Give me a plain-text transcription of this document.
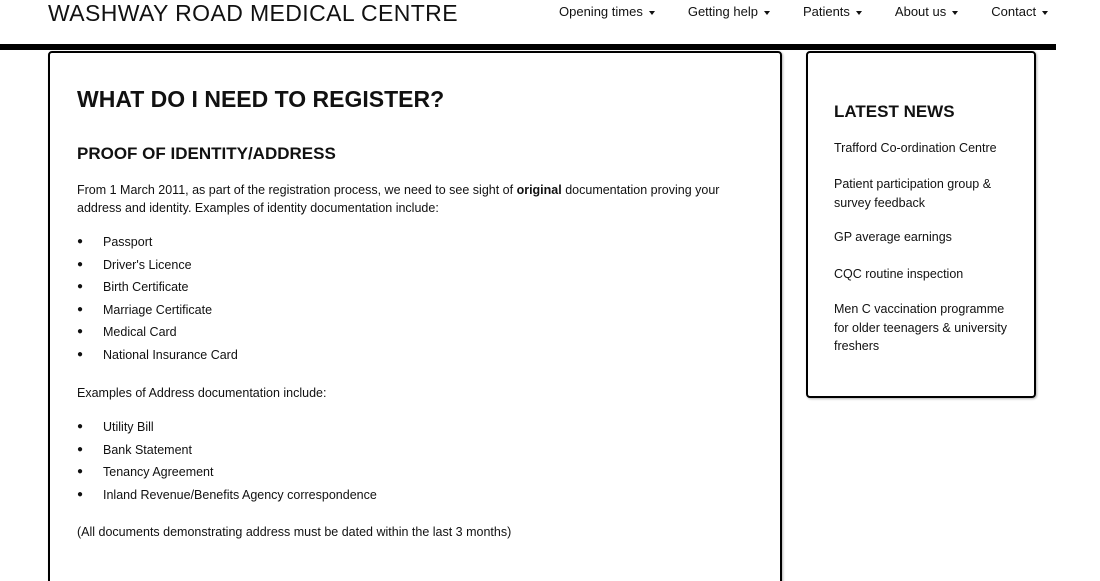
WASHWAY ROAD MEDICAL CENTRE	Opening times	Getting help	Patients	About us	Contact
WHAT DO I NEED TO REGISTER?
PROOF OF IDENTITY/ADDRESS

From 1 March 2011, as part of the registration process, we need to see sight of original documentation proving your address and identity. Examples of identity documentation include:

● Passport
● Driver's Licence
● Birth Certificate
● Marriage Certificate
● Medical Card
● National Insurance Card

Examples of Address documentation include:

● Utility Bill
● Bank Statement
● Tenancy Agreement
● Inland Revenue/Benefits Agency correspondence

(All documents demonstrating address must be dated within the last 3 months)

LATEST NEWS
Trafford Co-ordination Centre
Patient participation group & survey feedback
GP average earnings
CQC routine inspection
Men C vaccination programme for older teenagers & university freshers
